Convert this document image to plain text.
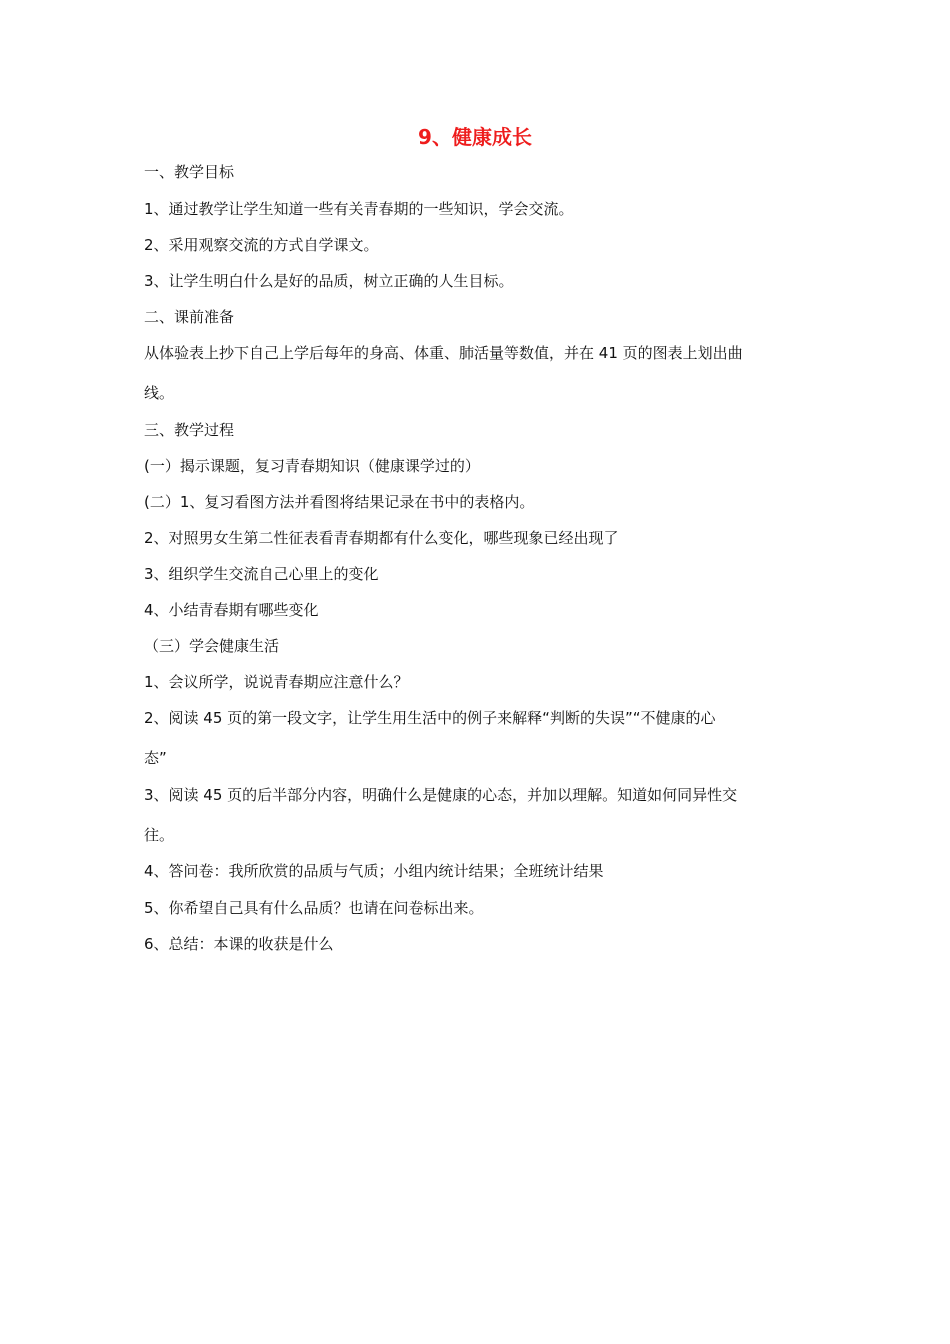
9、健康成长

一、教学目标

1、通过教学让学生知道一些有关青春期的一些知识，学会交流。

2、采用观察交流的方式自学课文。

3、让学生明白什么是好的品质，树立正确的人生目标。

二、课前准备

从体验表上抄下自己上学后每年的身高、体重、肺活量等数值，并在 41 页的图表上划出曲

线。

三、教学过程

(一）揭示课题，复习青春期知识（健康课学过的）

(二）1、复习看图方法并看图将结果记录在书中的表格内。

2、对照男女生第二性征表看青春期都有什么变化，哪些现象已经出现了

3、组织学生交流自己心里上的变化

4、小结青春期有哪些变化

（三）学会健康生活

1、会议所学，说说青春期应注意什么？

2、阅读 45 页的第一段文字，让学生用生活中的例子来解释“判断的失误”“不健康的心

态”

3、阅读 45 页的后半部分内容，明确什么是健康的心态，并加以理解。知道如何同异性交

往。

4、答问卷：我所欣赏的品质与气质；小组内统计结果；全班统计结果

5、你希望自己具有什么品质？也请在问卷标出来。

6、总结：本课的收获是什么
